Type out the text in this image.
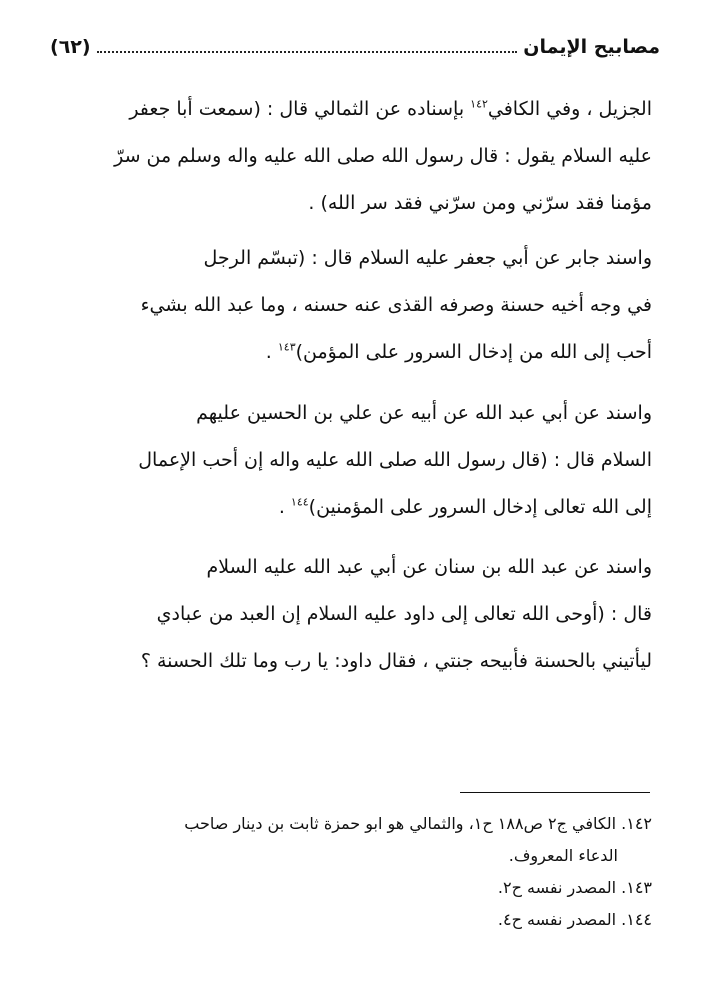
مصابيح الإيمان
(٦٢)
الجزيل ، وفي الكافي$^{١٤٢}$ بإسناده عن الثمالي قال : (سمعت أبا جعفر
عليه السلام يقول : قال رسول الله صلى الله عليه واله وسلم من سرّ
مؤمنا فقد سرّني ومن سرّني فقد سر الله) .
واسند جابر عن أبي جعفر عليه السلام قال : (تبسّم الرجل
في وجه أخيه حسنة وصرفه القذى عنه حسنه ، وما عبد الله بشيء
أحب إلى الله من إدخال السرور على المؤمن)$^{١٤٣}$ .
واسند عن أبي عبد الله عن أبيه عن علي بن الحسين عليهم
السلام قال : (قال رسول الله صلى الله عليه واله إن أحب الإعمال
إلى الله تعالى إدخال السرور على المؤمنين)$^{١٤٤}$ .
واسند عن عبد الله بن سنان عن أبي عبد الله عليه السلام
قال : (أوحى الله تعالى إلى داود عليه السلام إن العبد من عبادي
ليأتيني بالحسنة فأبيحه جنتي ، فقال داود: يا رب وما تلك الحسنة ؟
١٤٢. الكافي ج٢ ص١٨٨ ح١، والثمالي هو ابو حمزة ثابت بن دينار صاحب
الدعاء المعروف.
١٤٣. المصدر نفسه ح٢.
١٤٤. المصدر نفسه ح٤.
